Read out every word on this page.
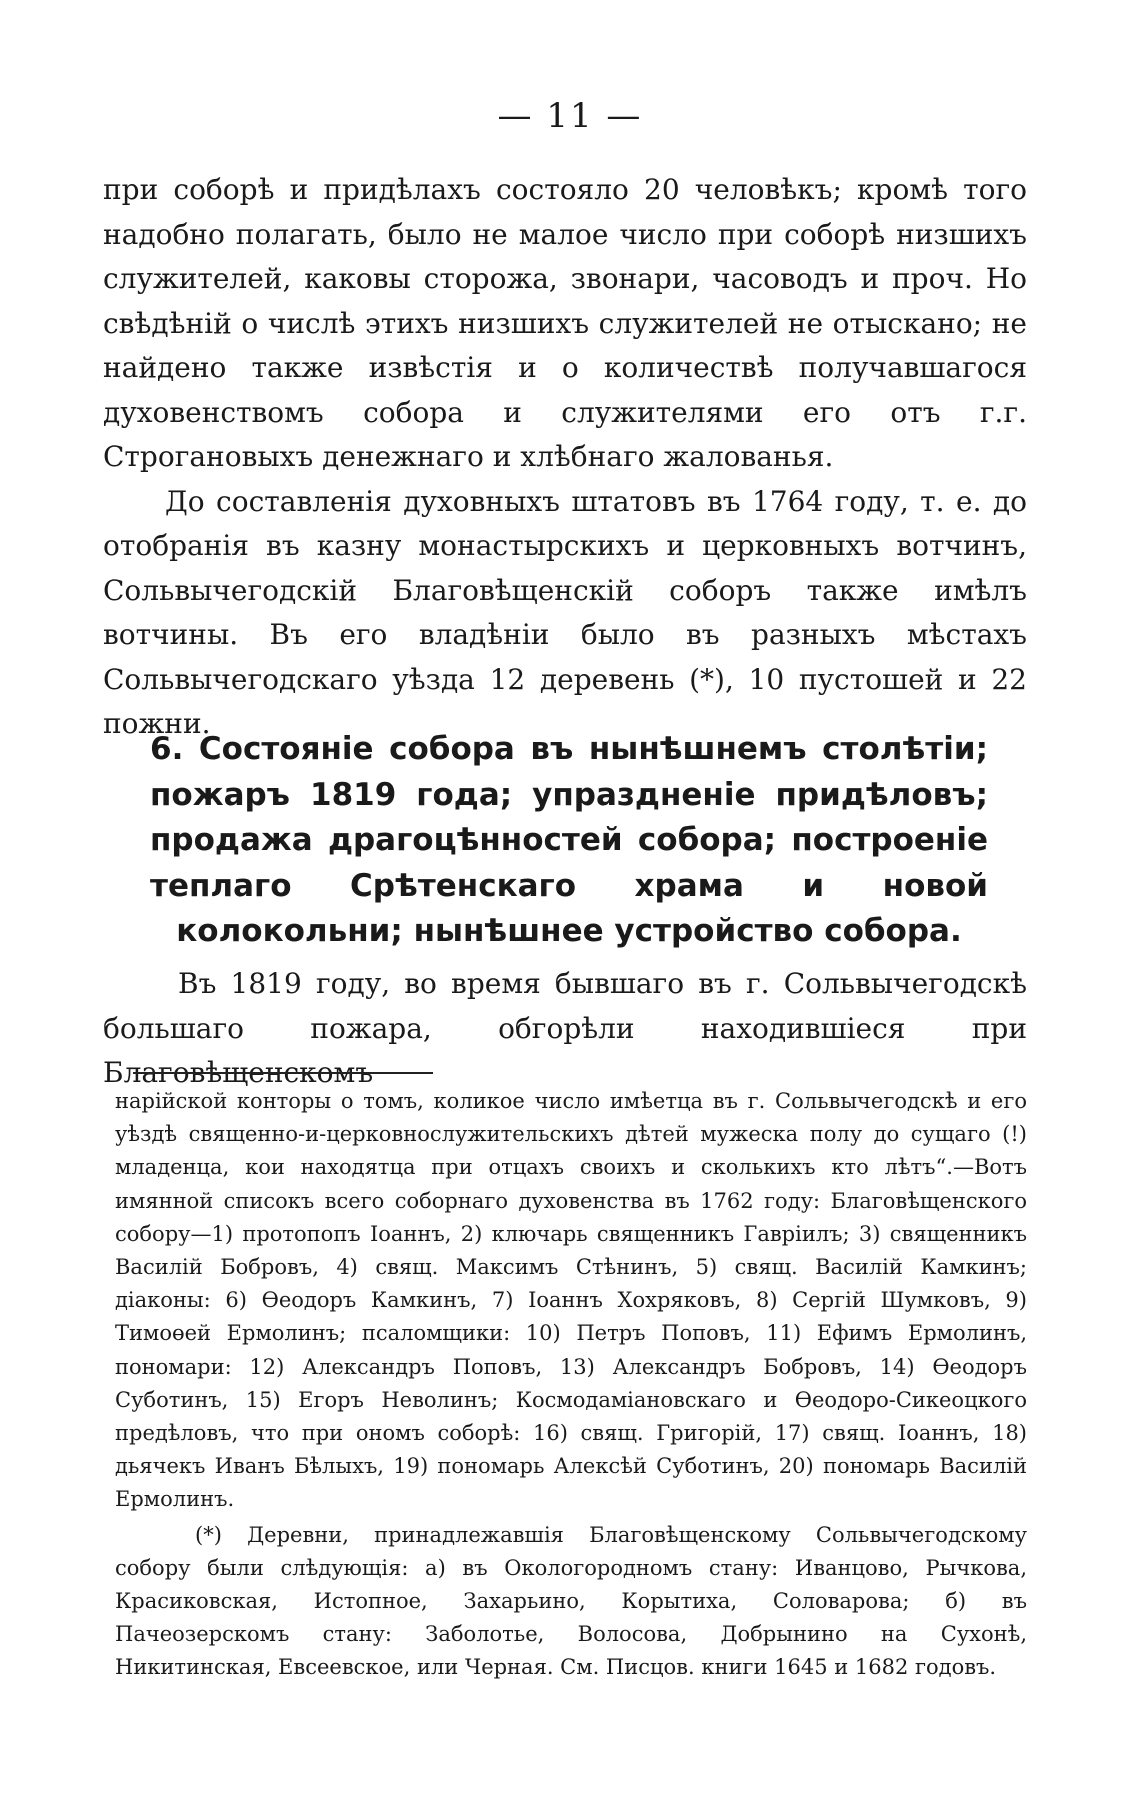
— 11 —

при соборѣ и придѣлахъ состояло 20 человѣкъ; кромѣ того надобно полагать, было не малое число при соборѣ низшихъ служителей, каковы сторожа, звонари, часоводъ и проч. Но свѣдѣній о числѣ этихъ низшихъ служителей не отыскано; не найдено также извѣстія и о количествѣ получавшагося духовенствомъ собора и служителями его отъ г.г. Строгановыхъ денежнаго и хлѣбнаго жалованья.

До составленія духовныхъ штатовъ въ 1764 году, т. е. до отобранія въ казну монастырскихъ и церковныхъ вотчинъ, Сольвычегодскій Благовѣщенскій соборъ также имѣлъ вотчины. Въ его владѣніи было въ разныхъ мѣстахъ Сольвычегодскаго уѣзда 12 деревень (*), 10 пустошей и 22 пожни.

6. Состояніе собора въ нынѣшнемъ столѣтіи; пожаръ 1819 года; упраздненіе придѣловъ; продажа драгоцѣнностей собора; построеніе теплаго Срѣтенскаго храма и новой колокольни; нынѣшнее устройство собора.

Въ 1819 году, во время бывшаго въ г. Сольвычегодскѣ большаго пожара, обгорѣли находившіеся при Благовѣщенскомъ

нарійской конторы о томъ, коликое число имѣетца въ г. Сольвычегодскѣ и его уѣздѣ священно-и-церковнослужительскихъ дѣтей мужеска полу до сущаго (!) младенца, кои находятца при отцахъ своихъ и сколькихъ кто лѣтъ“.—Вотъ имянной списокъ всего соборнаго духовенства въ 1762 году: Благовѣщенского собору—1) протопопъ Іоаннъ, 2) ключарь священникъ Гавріилъ; 3) священникъ Василій Бобровъ, 4) свящ. Максимъ Стѣнинъ, 5) свящ. Василій Камкинъ; діаконы: 6) Өеодоръ Камкинъ, 7) Іоаннъ Хохряковъ, 8) Сергій Шумковъ, 9) Тимоөей Ермолинъ; псаломщики: 10) Петръ Поповъ, 11) Ефимъ Ермолинъ, пономари: 12) Александръ Поповъ, 13) Александръ Бобровъ, 14) Өеодоръ Суботинъ, 15) Егоръ Неволинъ; Космодаміановскаго и Өеодоро-Сикеоцкого предѣловъ, что при ономъ соборѣ: 16) свящ. Григорій, 17) свящ. Іоаннъ, 18) дьячекъ Иванъ Бѣлыхъ, 19) пономарь Алексѣй Суботинъ, 20) пономарь Василій Ермолинъ.

(*) Деревни, принадлежавшія Благовѣщенскому Сольвычегодскому собору были слѣдующія: а) въ Окологородномъ стану: Иванцово, Рычкова, Красиковская, Истопное, Захарьино, Корытиха, Соловарова; б) въ Пачеозерскомъ стану: Заболотье, Волосова, Добрынино на Сухонѣ, Никитинская, Евсеевское, или Черная. См. Писцов. книги 1645 и 1682 годовъ.
